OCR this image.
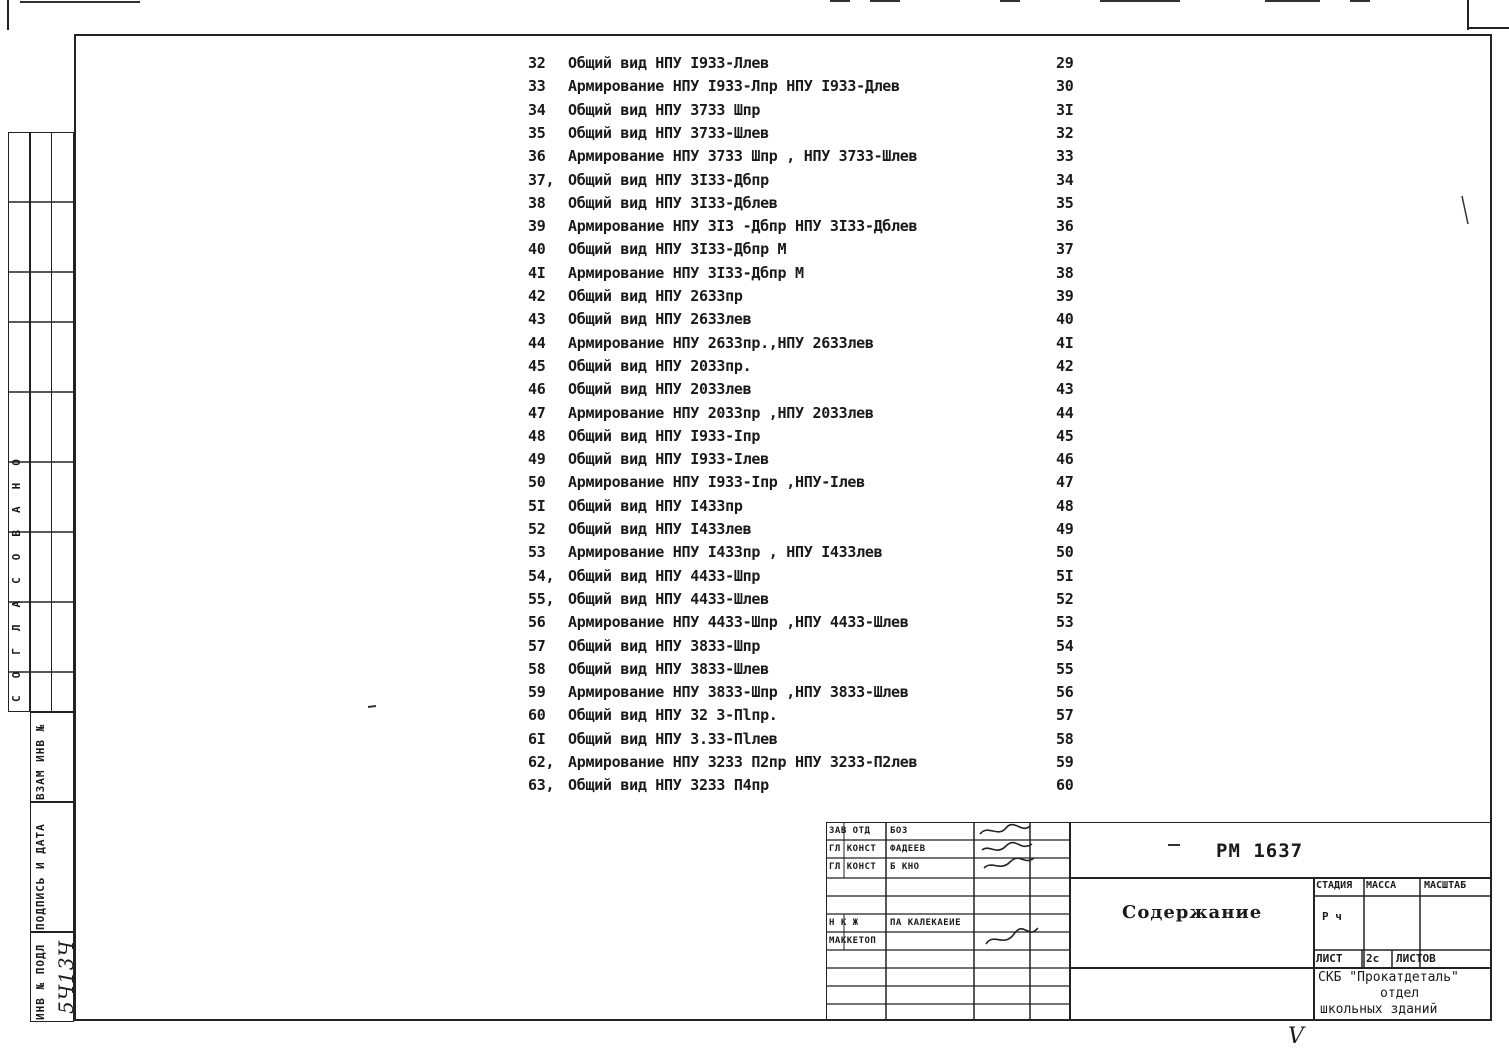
СОГЛАСОВАНО
ВЗАМ ИНВ №
ПОДПИСЬ И ДАТА
ИНВ № ПОДЛ 5Ч13Ч
32	Общий вид НПУ I933-Ллев	29
33	Армирование НПУ I933-Лпр НПУ I933-Длев	30
34	Общий вид НПУ 3733 Шпр	3I
35	Общий вид НПУ 3733-Шлев	32
36	Армирование НПУ 3733 Шпр , НПУ 3733-Шлев	33
37, Общий вид НПУ 3I33-Дбпр	34
38	Общий вид НПУ 3I33-Дблев	35
39	Армирование НПУ 3I3 -Дбпр НПУ 3I33-Дблев	36
40	Общий вид НПУ 3I33-Дбпр М	37
4I	Армирование НПУ 3I33-Дбпр М	38
42	Общий вид НПУ 2633пр	39
43	Общий вид НПУ 2633лев	40
44	Армирование НПУ 2633пр.,НПУ 2633лев	4I
45	Общий вид НПУ 2033пр.	42
46	Общий вид НПУ 2033лев	43
47	Армирование НПУ 2033пр ,НПУ 2033лев	44
48	Общий вид НПУ I933-Iпр	45
49	Общий вид НПУ I933-Iлев	46
50	Армирование НПУ I933-Iпр ,НПУ-Iлев	47
5I	Общий вид НПУ I433пр	48
52	Общий вид НПУ I433лев	49
53	Армирование НПУ I433пр , НПУ I433лев	50
54, Общий вид НПУ 4433-Шпр	5I
55, Общий вид НПУ 4433-Шлев	52
56	Армирование НПУ 4433-Шпр ,НПУ 4433-Шлев	53
57	Общий вид НПУ 3833-Шпр	54
58	Общий вид НПУ 3833-Шлев	55
59	Армирование НПУ 3833-Шпр ,НПУ 3833-Шлев	56
60	Общий вид НПУ 32 3-Пlпр.	57
6I	Общий вид НПУ 3.33-Пlлев	58
62, Армирование НПУ 3233 П2пр НПУ 3233-П2лев	59
63, Общий вид НПУ 3233 П4пр	60
ЗАВ ОТД
ГЛ КОНСТ
ГЛ КОНСТ
Н К Ж
МАККЕТОП
БОЗ
ФАДЕЕВ
Б КНО
ПА КАЛЕКАЕИЕ
РМ 1637
Содержание
СТАДИЯ МАССА	МАСШТАБ
Р ч
ЛИСТ 2с ЛИСТОВ
СКБ "Прокатдеталь"
отдел
школьных зданий
V
